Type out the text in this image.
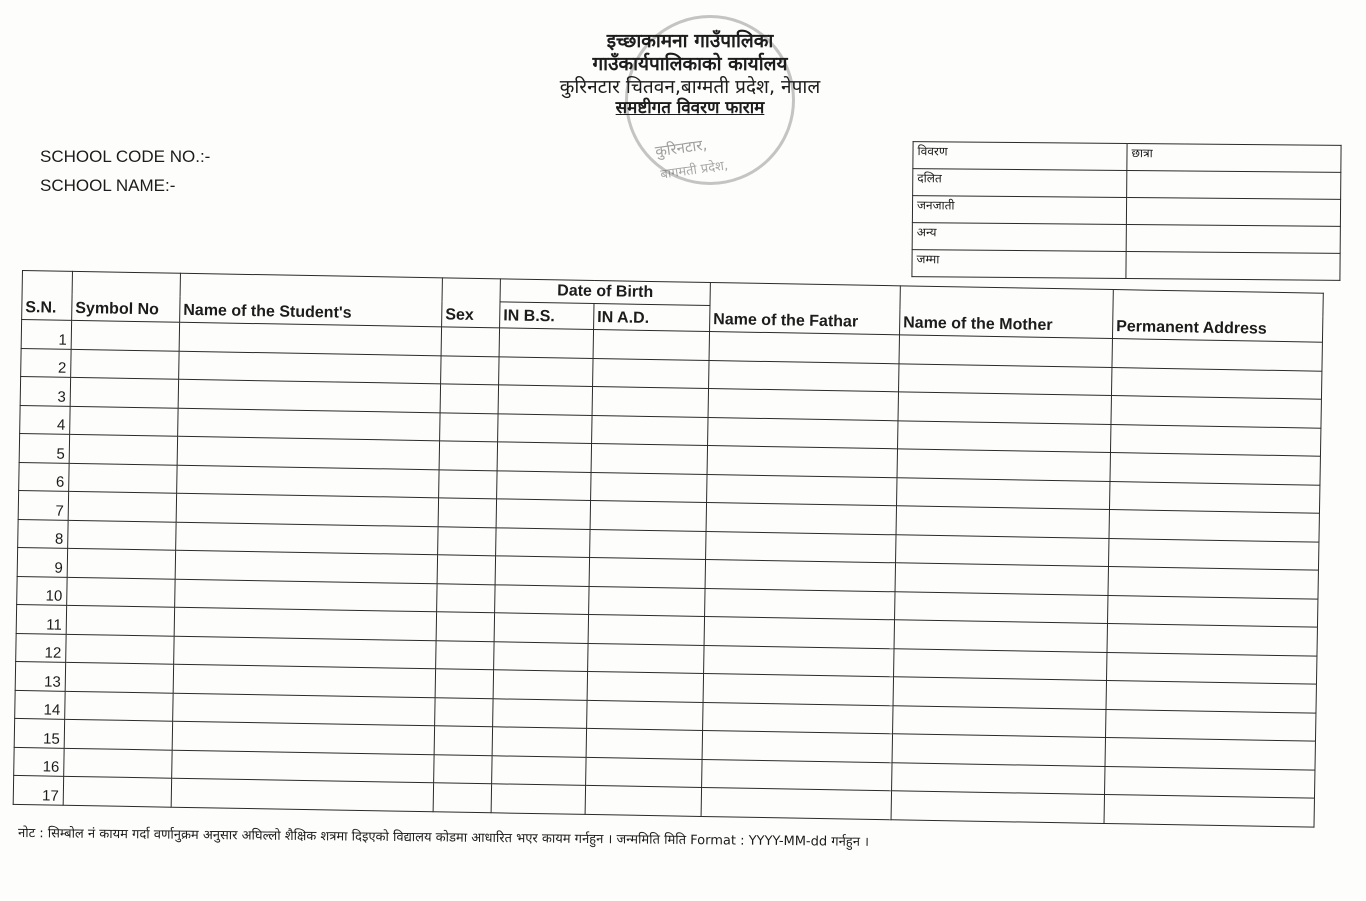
कुरिनटार,
बागमती प्रदेश,
इच्छाकामना गाउँपालिका
गाउँकार्यपालिकाको कार्यालय
कुरिनटार चितवन,बाग्मती प्रदेश, नेपाल
समष्टीगत विवरण फाराम
SCHOOL CODE NO.:-
SCHOOL NAME:-
विवरण	छात्रा
दलित	
जनजाती	
अन्य	
जम्मा	
S.N.	Symbol No	Name of the Student's	Sex	Date of Birth		Name of the Fathar	Name of the Mother	Permanent Address
				IN B.S.	IN A.D.			
1								
2								
3								
4								
5								
6								
7								
8								
9								
10								
11								
12								
13								
14								
15								
16								
17								
नोट : सिम्बोल नं कायम गर्दा वर्णानुक्रम अनुसार अघिल्लो शैक्षिक शत्रमा दिइएको विद्यालय कोडमा आधारित भएर कायम गर्नहुन । जन्ममिति मिति Format : YYYY-MM-dd गर्नहुन ।
